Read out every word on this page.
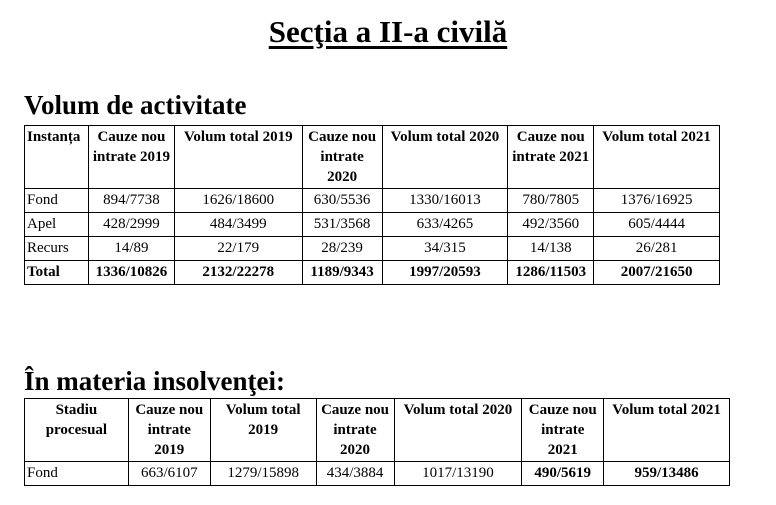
Secţia a II-a civilă
Volum de activitate
Instanța	Cauze nou intrate 2019	Volum total 2019	Cauze nou intrate 2020	Volum total 2020	Cauze nou intrate 2021	Volum total 2021
Fond	894/7738	1626/18600	630/5536	1330/16013	780/7805	1376/16925
Apel	428/2999	484/3499	531/3568	633/4265	492/3560	605/4444
Recurs	14/89	22/179	28/239	34/315	14/138	26/281
Total	1336/10826	2132/22278	1189/9343	1997/20593	1286/11503	2007/21650
În materia insolvenţei:
Stadiu procesual	Cauze nou intrate 2019	Volum total 2019	Cauze nou intrate 2020	Volum total 2020	Cauze nou intrate 2021	Volum total 2021
Fond	663/6107	1279/15898	434/3884	1017/13190	490/5619	959/13486
